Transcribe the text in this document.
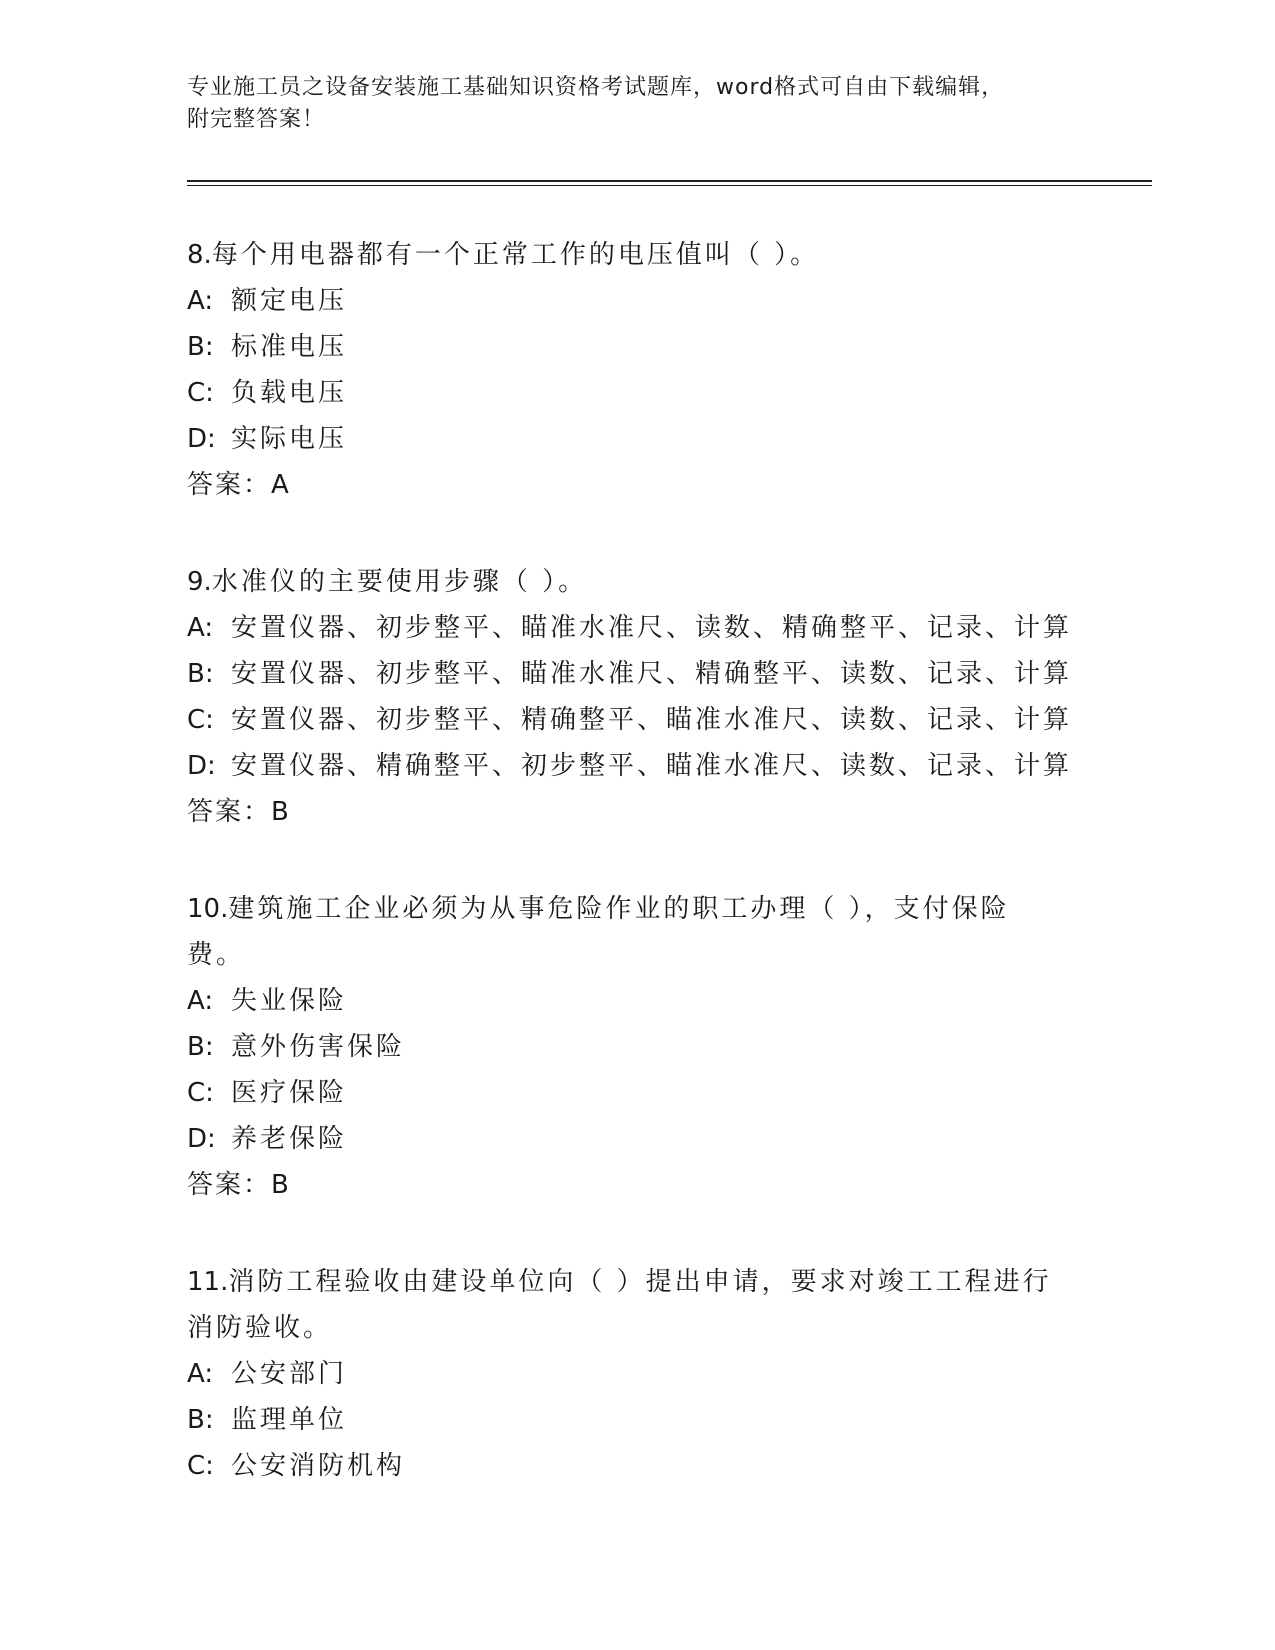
专业施工员之设备安装施工基础知识资格考试题库，word格式可自由下载编辑，
附完整答案！
8.每个用电器都有一个正常工作的电压值叫（ ）。
A: 额定电压
B: 标准电压
C: 负载电压
D: 实际电压
答案：A
9.水准仪的主要使用步骤（ ）。
A: 安置仪器、初步整平、瞄准水准尺、读数、精确整平、记录、计算
B: 安置仪器、初步整平、瞄准水准尺、精确整平、读数、记录、计算
C: 安置仪器、初步整平、精确整平、瞄准水准尺、读数、记录、计算
D: 安置仪器、精确整平、初步整平、瞄准水准尺、读数、记录、计算
答案：B
10.建筑施工企业必须为从事危险作业的职工办理（ ），支付保险费。
A: 失业保险
B: 意外伤害保险
C: 医疗保险
D: 养老保险
答案：B
11.消防工程验收由建设单位向（ ）提出申请，要求对竣工工程进行消防验收。
A: 公安部门
B: 监理单位
C: 公安消防机构
